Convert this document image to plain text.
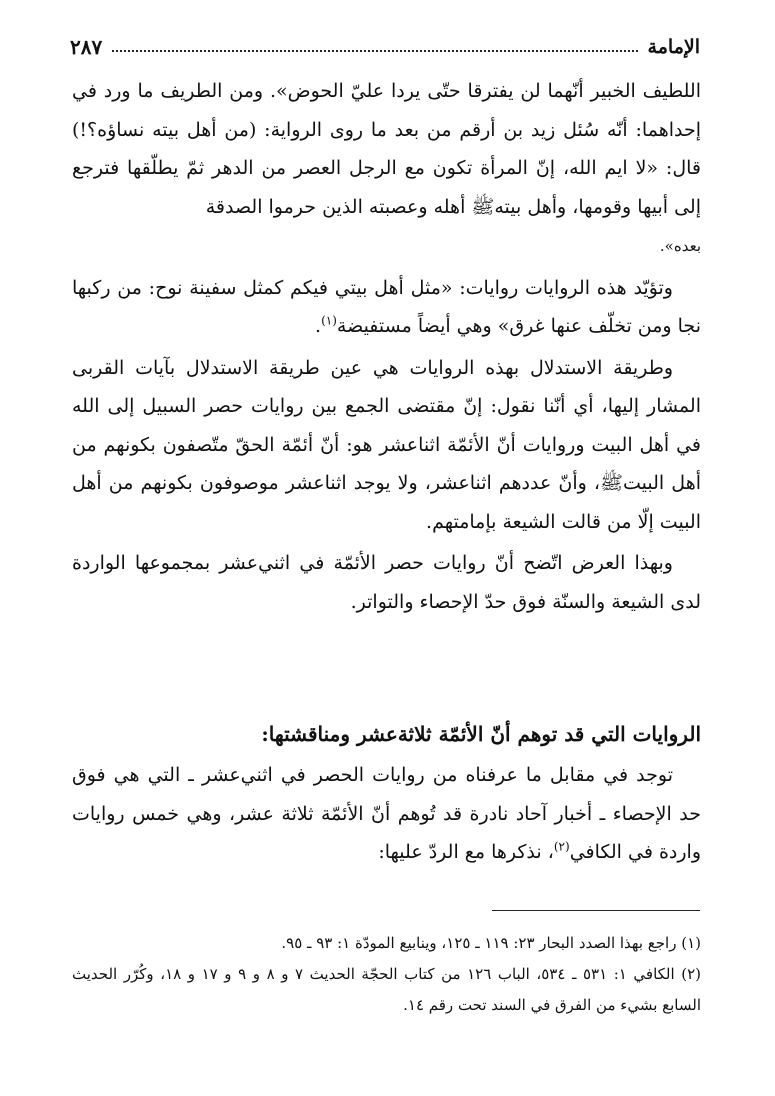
الإمامة
٢٨٧

اللطيف الخبير أنّهما لن يفترقا حتّى يردا عليّ الحوض». ومن الطريف ما ورد في إحداهما: أنّه سُئل زيد بن أرقم من بعد ما روى الرواية: (من أهل بيته نساؤه؟!) قال: «لا ايم الله، إنّ المرأة تكون مع الرجل العصر من الدهر ثمّ يطلّقها فترجع إلى أبيها وقومها، وأهل بيتهﷺ أهله وعصبته الذين حرموا الصدقة
بعده».

وتؤيّد هذه الروايات روايات: «مثل أهل بيتي فيكم كمثل سفينة نوح: من ركبها نجا ومن تخلّف عنها غرق» وهي أيضاً مستفيضة$^{(١)}$.

وطريقة الاستدلال بهذه الروايات هي عين طريقة الاستدلال بآيات القربى المشار إليها، أي أنّنا نقول: إنّ مقتضى الجمع بين روايات حصر السبيل إلى الله في أهل البيت وروايات أنّ الأئمّة اثناعشر هو: أنّ أئمّة الحقّ متّصفون بكونهم من أهل البيتﷺ، وأنّ عددهم اثناعشر، ولا يوجد اثناعشر موصوفون بكونهم من أهل البيت إلّا من قالت الشيعة بإمامتهم.

وبهذا العرض اتّضح أنّ روايات حصر الأئمّة في اثني‌عشر بمجموعها الواردة لدى الشيعة والسنّة فوق حدّ الإحصاء والتواتر.

الروايات التي قد توهم أنّ الأئمّة ثلاثةعشر ومناقشتها:

توجد في مقابل ما عرفناه من روايات الحصر في اثني‌عشر ـ التي هي فوق حد الإحصاء ـ أخبار آحاد نادرة قد تُوهم أنّ الأئمّة ثلاثة عشر، وهي خمس روايات واردة في الكافي$^{(٢)}$، نذكرها مع الردّ عليها:

(١) راجع بهذا الصدد البحار ٢٣: ١١٩ ـ ١٢٥، وينابيع المودّة ١: ٩٣ ـ ٩٥.

(٢) الكافي ١: ٥٣١ ـ ٥٣٤، الباب ١٢٦ من كتاب الحجّة الحديث ٧ و ٨ و ٩ و ١٧ و ١٨، وكُرّر الحديث السابع بشيء من الفرق في السند تحت رقم ١٤.
